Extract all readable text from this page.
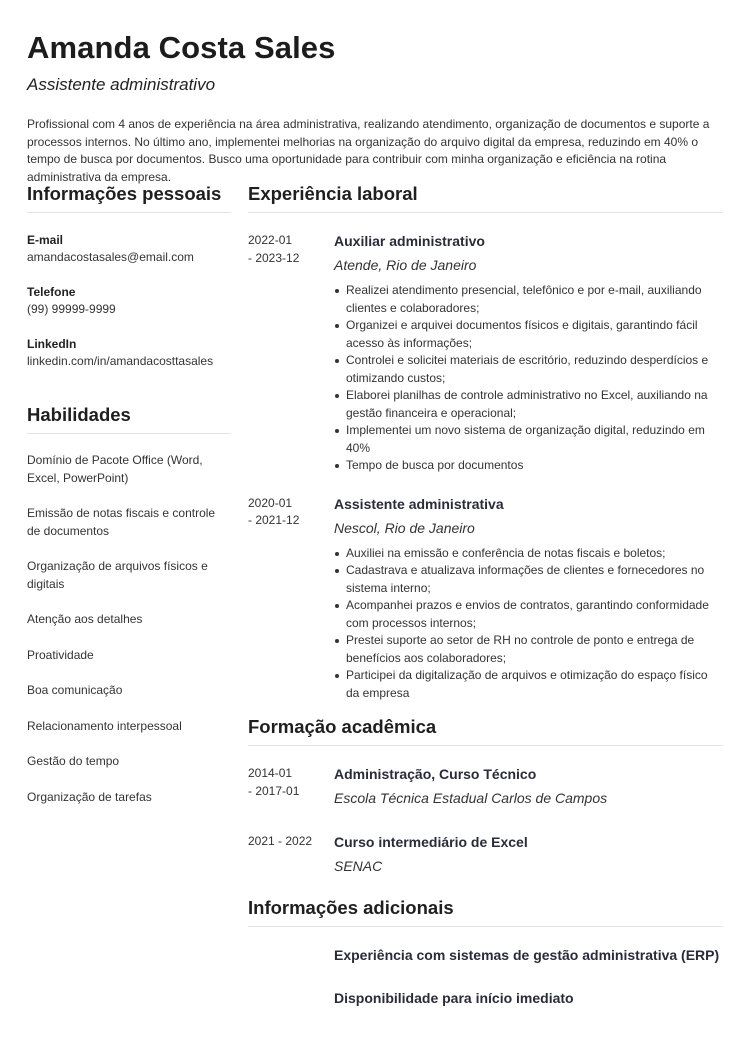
Amanda Costa Sales

Assistente administrativo

Profissional com 4 anos de experiência na área administrativa, realizando atendimento, organização de documentos e suporte a processos internos. No último ano, implementei melhorias na organização do arquivo digital da empresa, reduzindo em 40% o tempo de busca por documentos. Busco uma oportunidade para contribuir com minha organização e eficiência na rotina administrativa da empresa.

Informações pessoais
E-mail
amandacostasales@email.com
Telefone
(99) 99999-9999
LinkedIn
linkedin.com/in/amandacosttasales
Habilidades
Domínio de Pacote Office (Word, Excel, PowerPoint)
Emissão de notas fiscais e controle de documentos
Organização de arquivos físicos e digitais
Atenção aos detalhes
Proatividade
Boa comunicação
Relacionamento interpessoal
Gestão do tempo
Organização de tarefas
Experiência laboral
2022-01
- 2023-12
Auxiliar administrativo
Atende, Rio de Janeiro
Realizei atendimento presencial, telefônico e por e-mail, auxiliando clientes e colaboradores;
Organizei e arquivei documentos físicos e digitais, garantindo fácil acesso às informações;
Controlei e solicitei materiais de escritório, reduzindo desperdícios e otimizando custos;
Elaborei planilhas de controle administrativo no Excel, auxiliando na gestão financeira e operacional;
Implementei um novo sistema de organização digital, reduzindo em 40%
Tempo de busca por documentos
2020-01
- 2021-12
Assistente administrativa
Nescol, Rio de Janeiro
Auxiliei na emissão e conferência de notas fiscais e boletos;
Cadastrava e atualizava informações de clientes e fornecedores no sistema interno;
Acompanhei prazos e envios de contratos, garantindo conformidade com processos internos;
Prestei suporte ao setor de RH no controle de ponto e entrega de benefícios aos colaboradores;
Participei da digitalização de arquivos e otimização do espaço físico da empresa
Formação acadêmica
2014-01
- 2017-01
Administração, Curso Técnico
Escola Técnica Estadual Carlos de Campos
2021 - 2022	Curso intermediário de Excel
SENAC
Informações adicionais
Experiência com sistemas de gestão administrativa (ERP)
Disponibilidade para início imediato
